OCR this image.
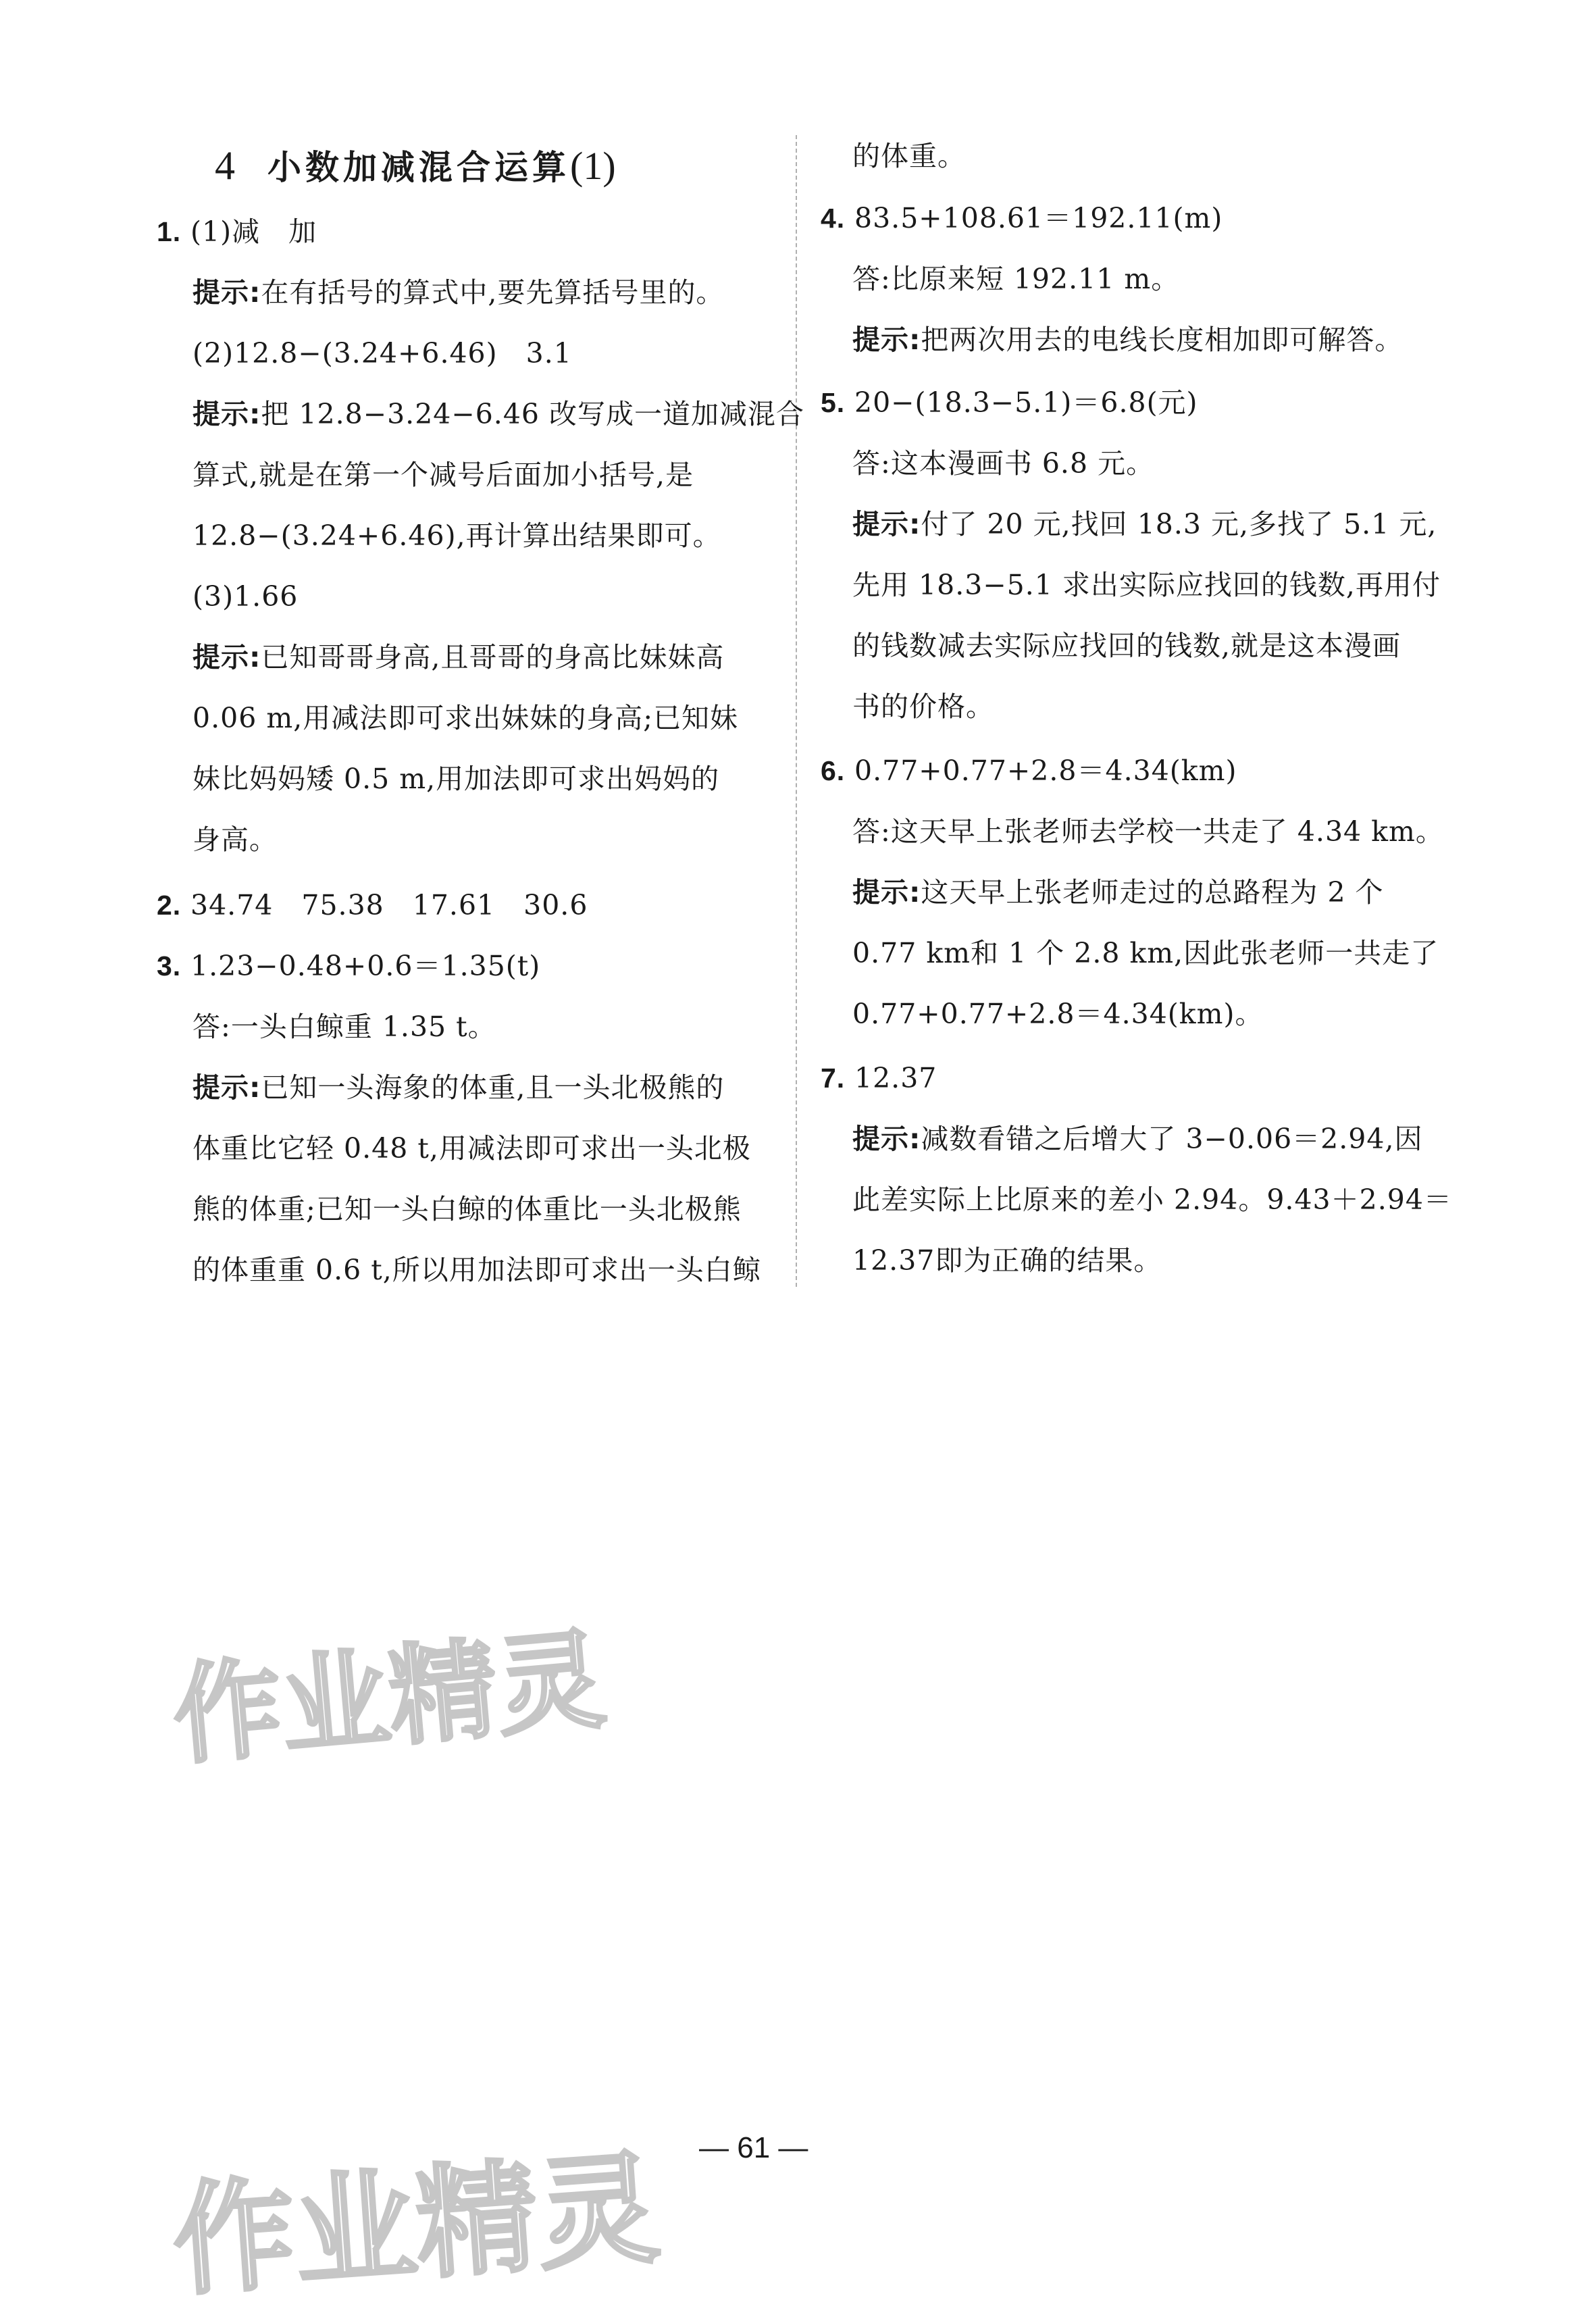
4 小数加减混合运算(1)
1. (1)减　加
提示:在有括号的算式中,要先算括号里的。
(2)12.8−(3.24+6.46)　3.1
提示:把 12.8−3.24−6.46 改写成一道加减混合
算式,就是在第一个减号后面加小括号,是
12.8−(3.24+6.46),再计算出结果即可。
(3)1.66
提示:已知哥哥身高,且哥哥的身高比妹妹高
0.06 m,用减法即可求出妹妹的身高;已知妹
妹比妈妈矮 0.5 m,用加法即可求出妈妈的
身高。
2. 34.74　75.38　17.61　30.6
3. 1.23−0.48+0.6＝1.35(t)
答:一头白鲸重 1.35 t。
提示:已知一头海象的体重,且一头北极熊的
体重比它轻 0.48 t,用减法即可求出一头北极
熊的体重;已知一头白鲸的体重比一头北极熊
的体重重 0.6 t,所以用加法即可求出一头白鲸
的体重。
4. 83.5+108.61＝192.11(m)
答:比原来短 192.11 m。
提示:把两次用去的电线长度相加即可解答。
5. 20−(18.3−5.1)＝6.8(元)
答:这本漫画书 6.8 元。
提示:付了 20 元,找回 18.3 元,多找了 5.1 元,
先用 18.3−5.1 求出实际应找回的钱数,再用付
的钱数减去实际应找回的钱数,就是这本漫画
书的价格。
6. 0.77+0.77+2.8＝4.34(km)
答:这天早上张老师去学校一共走了 4.34 km。
提示:这天早上张老师走过的总路程为 2 个
0.77 km和 1 个 2.8 km,因此张老师一共走了
0.77+0.77+2.8＝4.34(km)。
7. 12.37
提示:减数看错之后增大了 3−0.06＝2.94,因
此差实际上比原来的差小 2.94。9.43＋2.94＝
12.37即为正确的结果。
作业精灵
作业精灵 — 61 —
